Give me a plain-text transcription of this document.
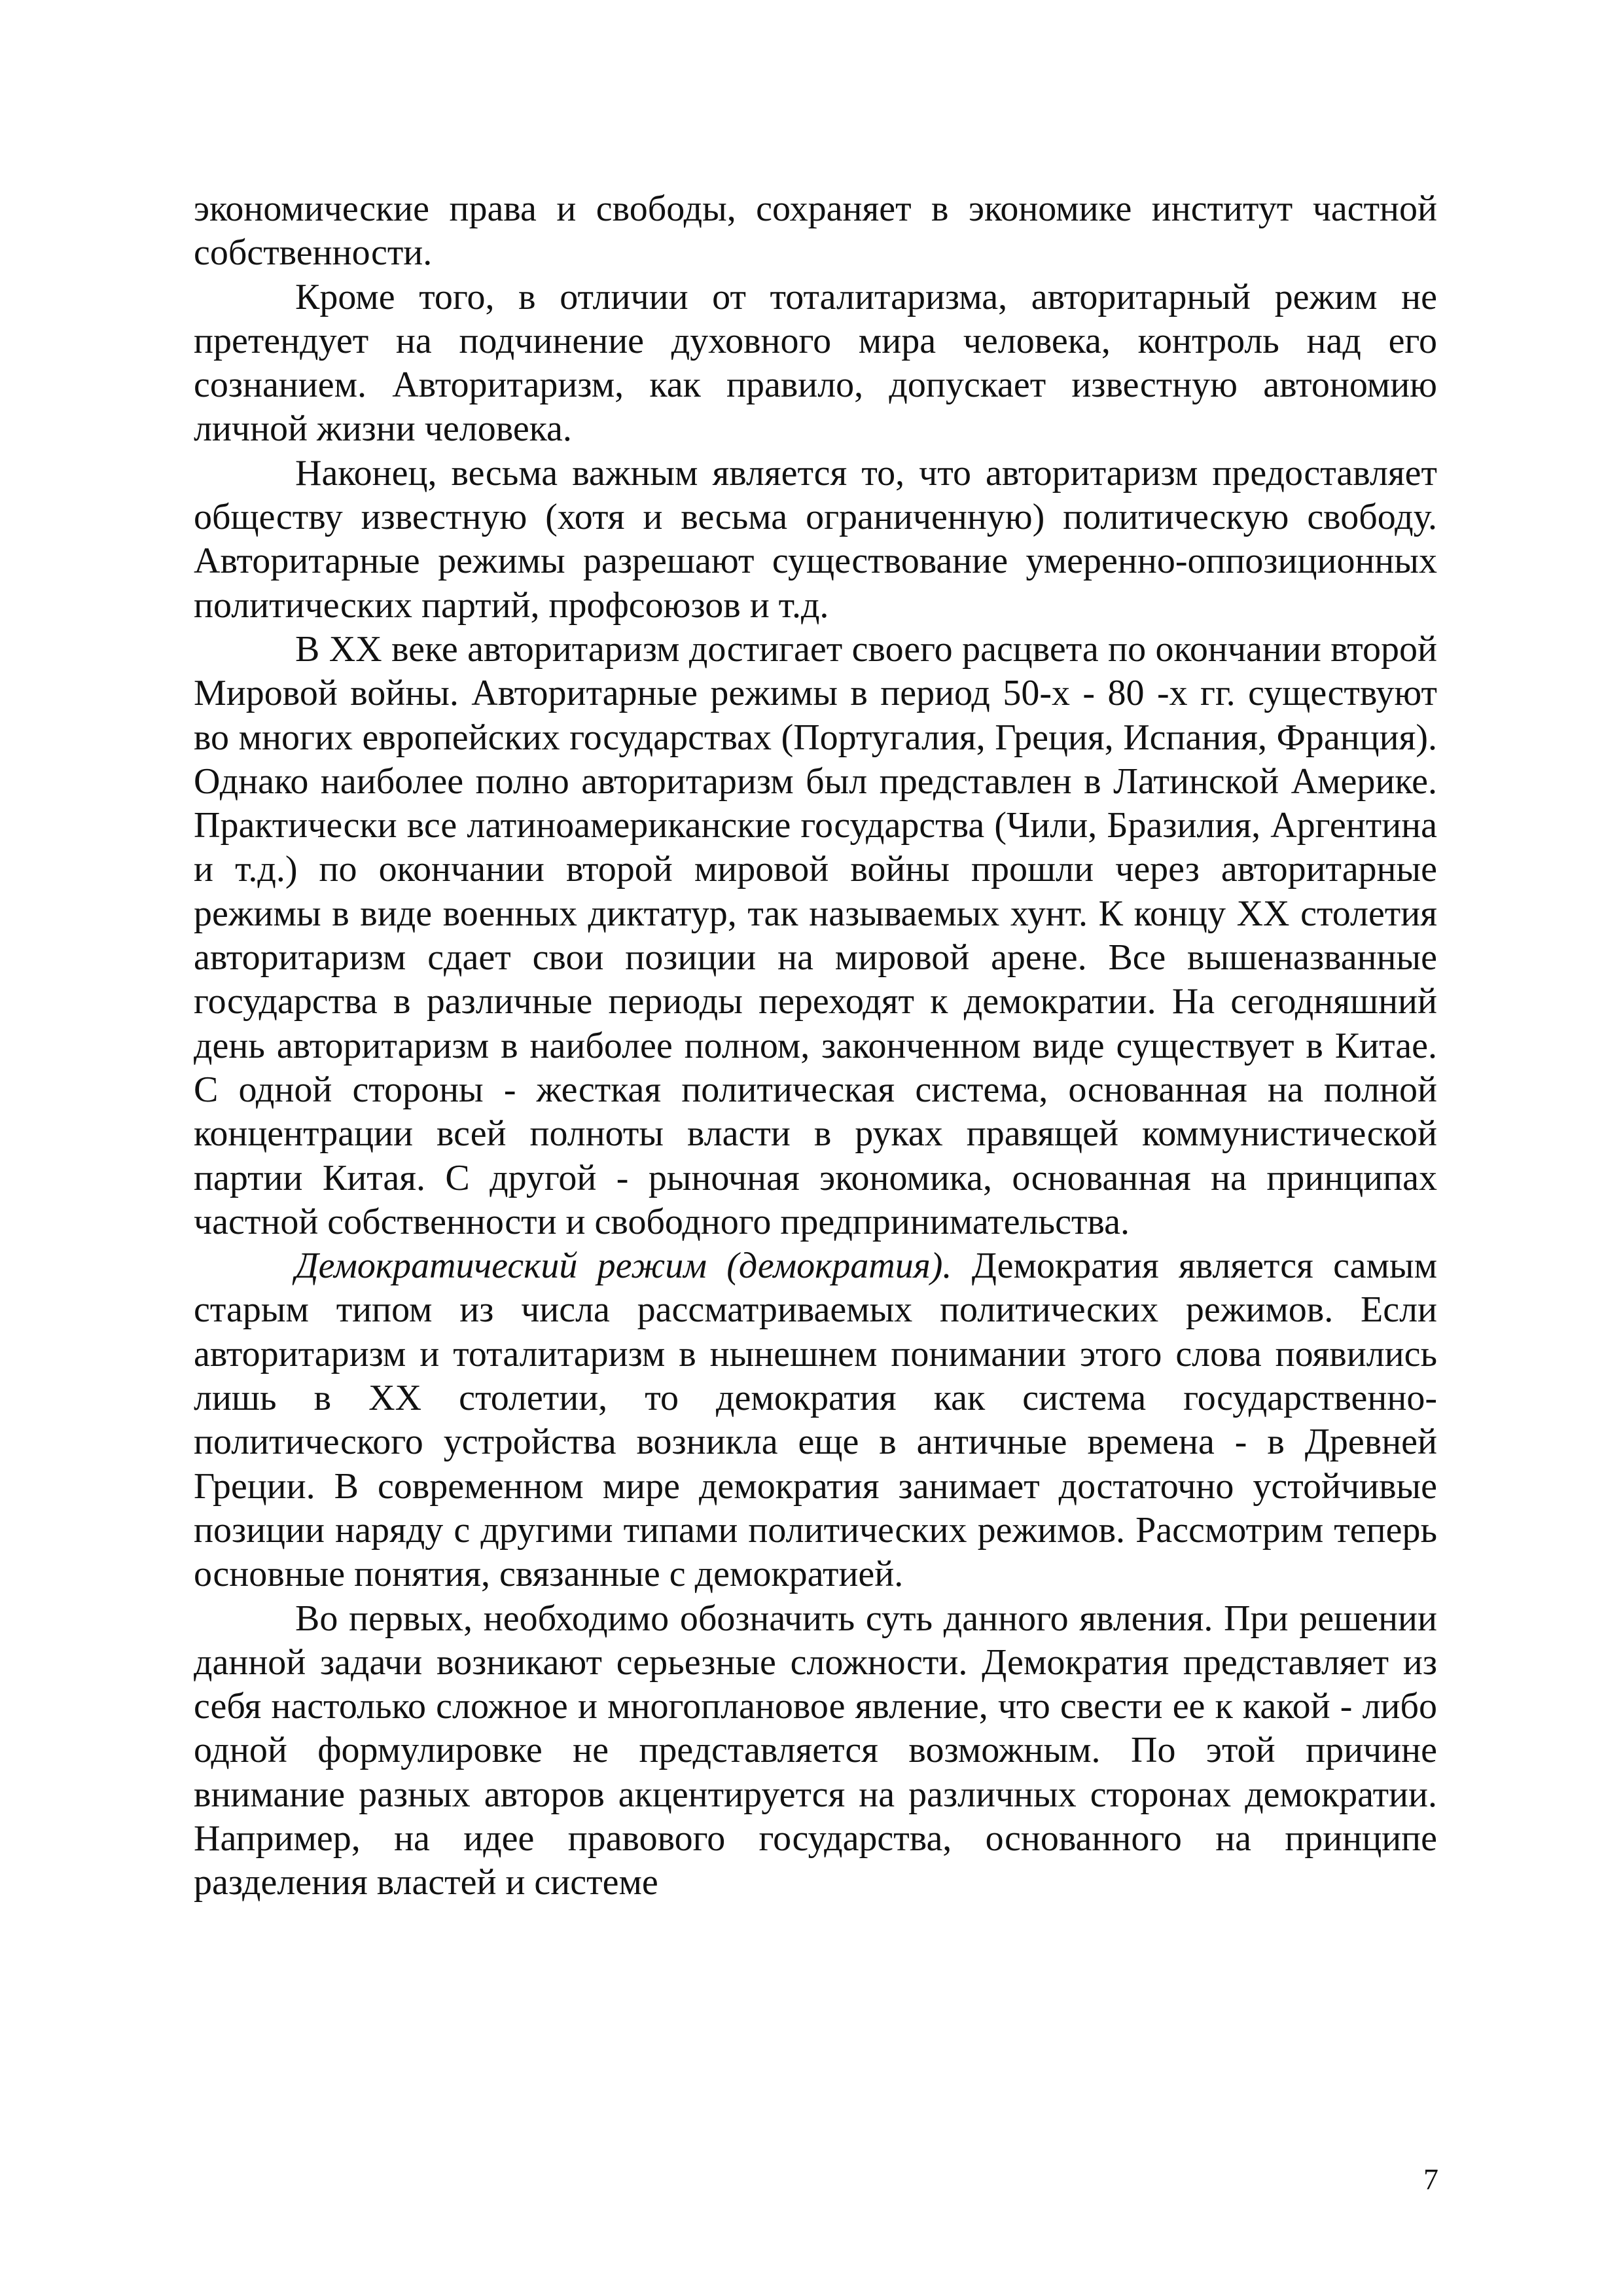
экономические права и свободы, сохраняет в экономике институт частной собственности.

Кроме того, в отличии от тоталитаризма, авторитарный режим не претендует на подчинение духовного мира человека, контроль над его сознанием. Авторитаризм, как правило, допускает известную автономию личной жизни человека.

Наконец, весьма важным является то, что авторитаризм предоставляет обществу известную (хотя и весьма ограниченную) политическую свободу. Авторитарные режимы разрешают существование умеренно-оппозиционных политических партий, профсоюзов и т.д.

В XX веке авторитаризм достигает своего расцвета по окончании второй Мировой войны. Авторитарные режимы в период 50-х - 80 -х гг. существуют во многих европейских государствах (Португалия, Греция, Испания, Франция). Однако наиболее полно авторитаризм был представлен в Латинской Америке. Практически все латиноамериканские государства (Чили, Бразилия, Аргентина и т.д.) по окончании второй мировой войны прошли через авторитарные режимы в виде военных диктатур, так называемых хунт. К концу XX столетия авторитаризм сдает свои позиции на мировой арене. Все вышеназванные государства в различные периоды переходят к демократии. На сегодняшний день авторитаризм в наиболее полном, законченном виде существует в Китае. С одной стороны - жесткая политическая система, основанная на полной концентрации всей полноты власти в руках правящей коммунистической партии Китая. С другой - рыночная экономика, основанная на принципах частной собственности и свободного предпринимательства.

Демократический режим (демократия). Демократия является самым старым типом из числа рассматриваемых политических режимов. Если авторитаризм и тоталитаризм в нынешнем понимании этого слова появились лишь в XX столетии, то демократия как система государственно-политического устройства возникла еще в античные времена - в Древней Греции. В современном мире демократия занимает достаточно устойчивые позиции наряду с другими типами политических режимов. Рассмотрим теперь основные понятия, связанные с демократией.

Во первых, необходимо обозначить суть данного явления. При решении данной задачи возникают серьезные сложности. Демократия представляет из себя настолько сложное и многоплановое явление, что свести ее к какой - либо одной формулировке не представляется возможным. По этой причине внимание разных авторов акцентируется на различных сторонах демократии. Например, на идее правового государства, основанного на принципе разделения властей и системе

7
